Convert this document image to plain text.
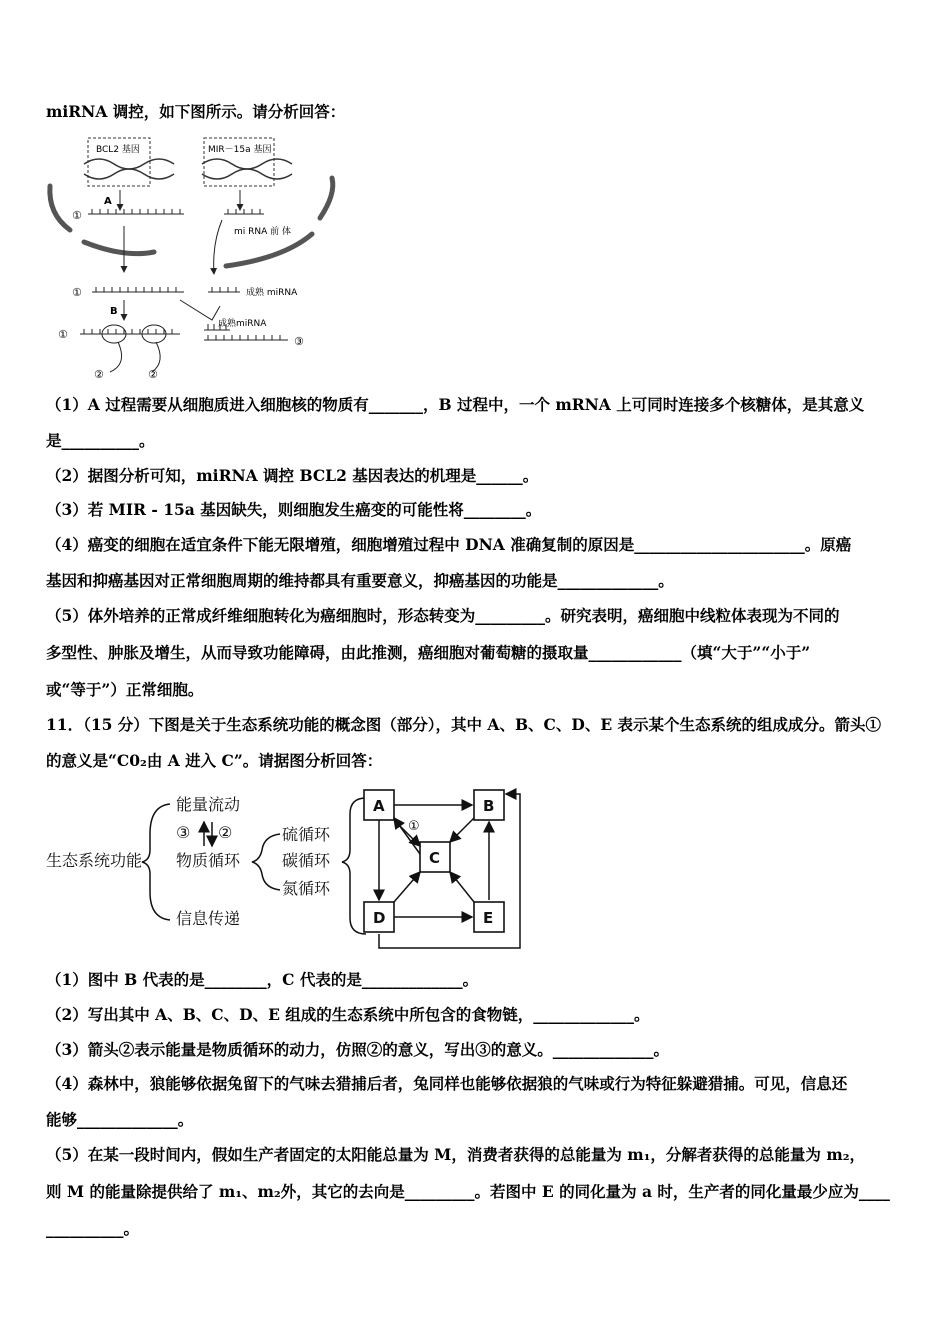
miRNA 调控，如下图所示。请分析回答：
BCL2 基因	MIR－15a 基因
A
①
mi RNA 前 体
①	成熟 miRNA
B
成熟miRNA
①
②	②
③
（1）A 过程需要从细胞质进入细胞核的物质有_______，B 过程中，一个 mRNA 上可同时连接多个核糖体，是其意义
是__________。
（2）据图分析可知，miRNA 调控 BCL2 基因表达的机理是______。
（3）若 MIR - 15a 基因缺失，则细胞发生癌变的可能性将________。
（4）癌变的细胞在适宜条件下能无限增殖，细胞增殖过程中 DNA 准确复制的原因是______________________。原癌
基因和抑癌基因对正常细胞周期的维持都具有重要意义，抑癌基因的功能是_____________。
（5）体外培养的正常成纤维细胞转化为癌细胞时，形态转变为_________。研究表明，癌细胞中线粒体表现为不同的
多型性、肿胀及增生，从而导致功能障碍，由此推测，癌细胞对葡萄糖的摄取量____________（填“大于”“小于”
或“等于”）正常细胞。
11．（15 分）下图是关于生态系统功能的概念图（部分），其中 A、B、C、D、E 表示某个生态系统的组成成分。箭头①
的意义是“C0₂由 A 进入 C”。请据图分析回答：
生态系统功能
能量流动
物质循环
信息传递
硫循环
碳循环
氮循环
③ ②
A	B
C
D	E
①
（1）图中 B 代表的是________，C 代表的是_____________。
（2）写出其中 A、B、C、D、E 组成的生态系统中所包含的食物链，_____________。
（3）箭头②表示能量是物质循环的动力，仿照②的意义，写出③的意义。_____________。
（4）森林中，狼能够依据兔留下的气味去猎捕后者，兔同样也能够依据狼的气味或行为特征躲避猎捕。可见，信息还
能够_____________。
（5）在某一段时间内，假如生产者固定的太阳能总量为 M，消费者获得的总能量为 m₁，分解者获得的总能量为 m₂，
则 M 的能量除提供给了 m₁、m₂外，其它的去向是_________。若图中 E 的同化量为 a 时，生产者的同化量最少应为____
__________。
